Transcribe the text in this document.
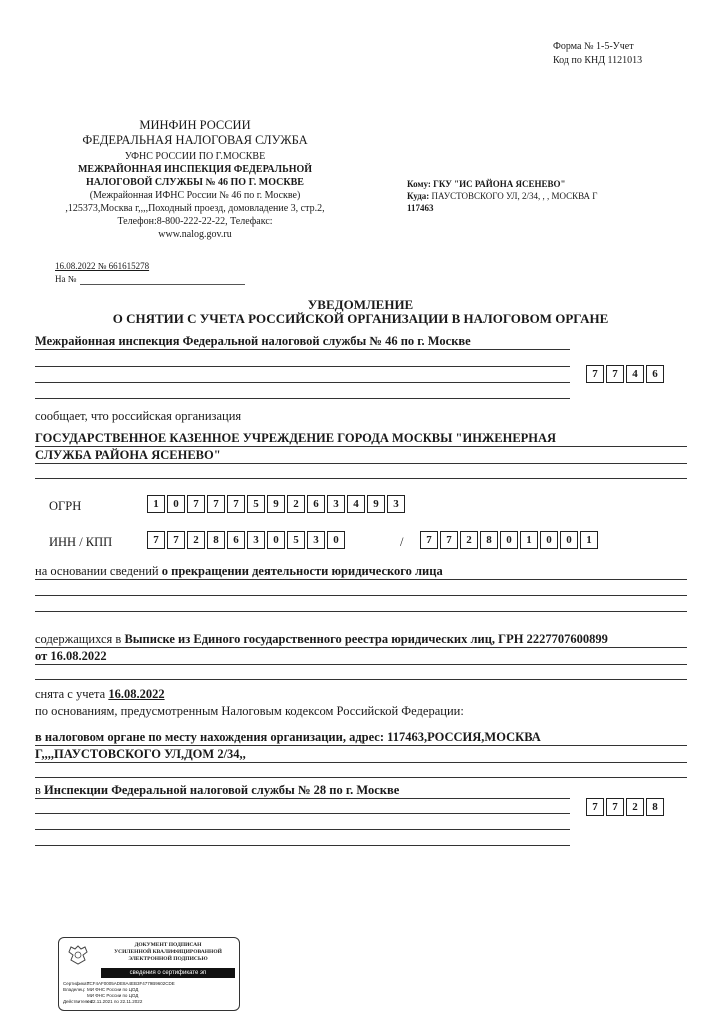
Форма № 1-5-Учет
Код по КНД 1121013
МИНФИН РОССИИ
ФЕДЕРАЛЬНАЯ НАЛОГОВАЯ СЛУЖБА
УФНС РОССИИ ПО Г.МОСКВЕ
МЕЖРАЙОННАЯ ИНСПЕКЦИЯ ФЕДЕРАЛЬНОЙ
НАЛОГОВОЙ СЛУЖБЫ № 46 ПО Г. МОСКВЕ
(Межрайонная ИФНС России № 46 по г. Москве)
,125373,Москва г,,,,Походный проезд, домовладение 3, стр.2,
Телефон:8-800-222-22-22, Телефакс:
www.nalog.gov.ru
Кому: ГКУ "ИС РАЙОНА ЯСЕНЕВО"
Куда: ПАУСТОВСКОГО УЛ, 2/34, , , МОСКВА Г
117463
16.08.2022 № 661615278
На №
УВЕДОМЛЕНИЕ
О СНЯТИИ С УЧЕТА РОССИЙСКОЙ ОРГАНИЗАЦИИ В НАЛОГОВОМ ОРГАНЕ
Межрайонная инспекция Федеральной налоговой службы № 46 по г. Москве
7	7	4	6
сообщает, что российская организация
ГОСУДАРСТВЕННОЕ КАЗЕННОЕ УЧРЕЖДЕНИЕ ГОРОДА МОСКВЫ "ИНЖЕНЕРНАЯ
СЛУЖБА РАЙОНА ЯСЕНЕВО"
ОГРН	1	0	7	7	7	5	9	2	6	3	4	9	3
ИНН / КПП	7	7	2	8	6	3	0	5	3	0	/	7	7	2	8	0	1	0	0	1
на основании сведений о прекращении деятельности юридического лица
содержащихся в Выписке из Единого государственного реестра юридических лиц, ГРН 2227707600899
от 16.08.2022
снята с учета 16.08.2022
по основаниям, предусмотренным Налоговым кодексом Российской Федерации:
в налоговом органе по месту нахождения организации, адрес: 117463,РОССИЯ,МОСКВА
Г,,,,ПАУСТОВСКОГО УЛ,ДОМ 2/34,,
в Инспекции Федеральной налоговой службы № 28 по г. Москве
7	7	2	8
ДОКУМЕНТ ПОДПИСАН
УСИЛЕННОЙ КВАЛИФИЦИРОВАННОЙ
ЭЛЕКТРОННОЙ ПОДПИСЬЮ
сведения о сертификате эп
Сертификат:
7CF4AF0005ADE8A4EB3F4779B9602CDE
Владелец: МИ ФНС России по ЦОД
МИ ФНС России по ЦОД
Действителен:
с 22.11.2021 по 22.11.2022
